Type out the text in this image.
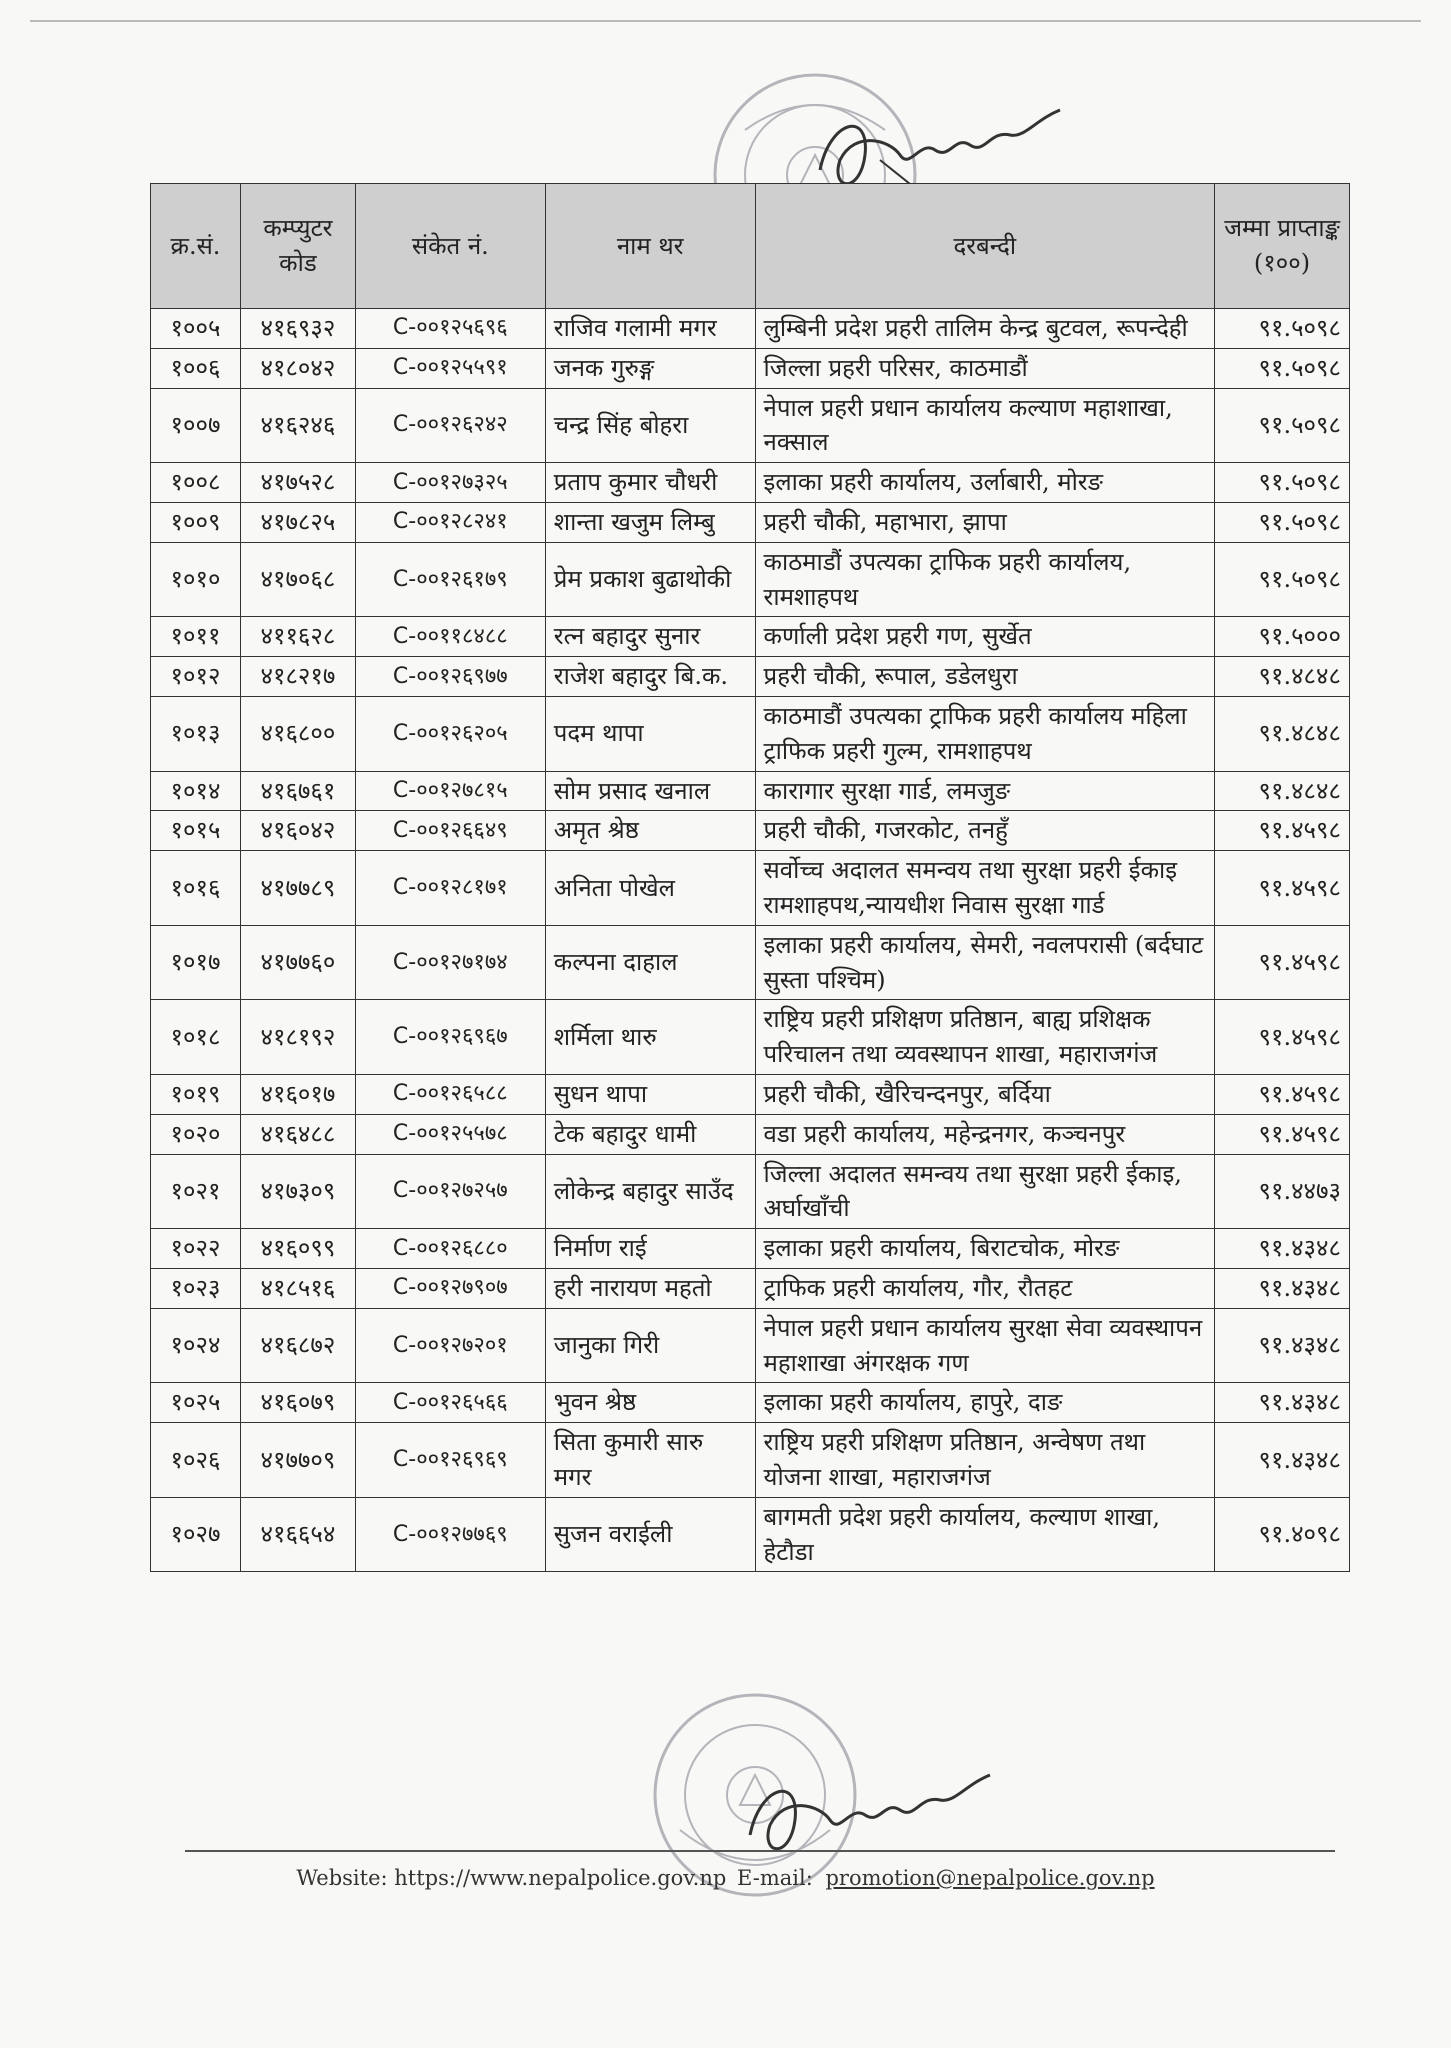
क्र.सं.	कम्प्युटर कोड	संकेत नं.	नाम थर	दरबन्दी	जम्मा प्राप्ताङ्क (१००)
१००५	४१६९३२	C-००१२५६९६	राजिव गलामी मगर	लुम्बिनी प्रदेश प्रहरी तालिम केन्द्र बुटवल, रूपन्देही	९१.५०९८
१००६	४१८०४२	C-००१२५५९१	जनक गुरुङ्ग	जिल्ला प्रहरी परिसर, काठमाडौं	९१.५०९८
१००७	४१६२४६	C-००१२६२४२	चन्द्र सिंह बोहरा	नेपाल प्रहरी प्रधान कार्यालय कल्याण महाशाखा, नक्साल	९१.५०९८
१००८	४१७५२८	C-००१२७३२५	प्रताप कुमार चौधरी	इलाका प्रहरी कार्यालय, उर्लाबारी, मोरङ	९१.५०९८
१००९	४१७८२५	C-००१२८२४१	शान्ता खजुम लिम्बु	प्रहरी चौकी, महाभारा, झापा	९१.५०९८
१०१०	४१७०६८	C-००१२६१७९	प्रेम प्रकाश बुढाथोकी	काठमाडौं उपत्यका ट्राफिक प्रहरी कार्यालय, रामशाहपथ	९१.५०९८
१०११	४११६२८	C-००११८४८८	रत्न बहादुर सुनार	कर्णाली प्रदेश प्रहरी गण, सुर्खेत	९१.५०००
१०१२	४१८२१७	C-००१२६९७७	राजेश बहादुर बि.क.	प्रहरी चौकी, रूपाल, डडेलधुरा	९१.४८४८
१०१३	४१६८००	C-००१२६२०५	पदम थापा	काठमाडौं उपत्यका ट्राफिक प्रहरी कार्यालय महिला ट्राफिक प्रहरी गुल्म, रामशाहपथ	९१.४८४८
१०१४	४१६७६१	C-००१२७८१५	सोम प्रसाद खनाल	कारागार सुरक्षा गार्ड, लमजुङ	९१.४८४८
१०१५	४१६०४२	C-००१२६६४९	अमृत श्रेष्ठ	प्रहरी चौकी, गजरकोट, तनहुँ	९१.४५९८
१०१६	४१७७८९	C-००१२८१७१	अनिता पोखेल	सर्वोच्च अदालत समन्वय तथा सुरक्षा प्रहरी ईकाइ रामशाहपथ,न्यायधीश निवास सुरक्षा गार्ड	९१.४५९८
१०१७	४१७७६०	C-००१२७१७४	कल्पना दाहाल	इलाका प्रहरी कार्यालय, सेमरी, नवलपरासी (बर्दघाट सुस्ता पश्चिम)	९१.४५९८
१०१८	४१८१९२	C-००१२६९६७	शर्मिला थारु	राष्ट्रिय प्रहरी प्रशिक्षण प्रतिष्ठान, बाह्य प्रशिक्षक परिचालन तथा व्यवस्थापन शाखा, महाराजगंज	९१.४५९८
१०१९	४१६०१७	C-००१२६५८८	सुधन थापा	प्रहरी चौकी, खैरिचन्दनपुर, बर्दिया	९१.४५९८
१०२०	४१६४८८	C-००१२५५७८	टेक बहादुर धामी	वडा प्रहरी कार्यालय, महेन्द्रनगर, कञ्चनपुर	९१.४५९८
१०२१	४१७३०९	C-००१२७२५७	लोकेन्द्र बहादुर साउँद	जिल्ला अदालत समन्वय तथा सुरक्षा प्रहरी ईकाइ, अर्घाखाँची	९१.४४७३
१०२२	४१६०९९	C-००१२६८८०	निर्माण राई	इलाका प्रहरी कार्यालय, बिराटचोक, मोरङ	९१.४३४८
१०२३	४१८५१६	C-००१२७९०७	हरी नारायण महतो	ट्राफिक प्रहरी कार्यालय, गौर, रौतहट	९१.४३४८
१०२४	४१६८७२	C-००१२७२०१	जानुका गिरी	नेपाल प्रहरी प्रधान कार्यालय सुरक्षा सेवा व्यवस्थापन महाशाखा अंगरक्षक गण	९१.४३४८
१०२५	४१६०७९	C-००१२६५६६	भुवन श्रेष्ठ	इलाका प्रहरी कार्यालय, हापुरे, दाङ	९१.४३४८
१०२६	४१७७०९	C-००१२६९६९	सिता कुमारी सारु मगर	राष्ट्रिय प्रहरी प्रशिक्षण प्रतिष्ठान, अन्वेषण तथा योजना शाखा, महाराजगंज	९१.४३४८
१०२७	४१६६५४	C-००१२७७६९	सुजन वराईली	बागमती प्रदेश प्रहरी कार्यालय, कल्याण शाखा, हेटौडा	९१.४०९८
Website: https://www.nepalpolice.gov.np E-mail: promotion@nepalpolice.gov.np
